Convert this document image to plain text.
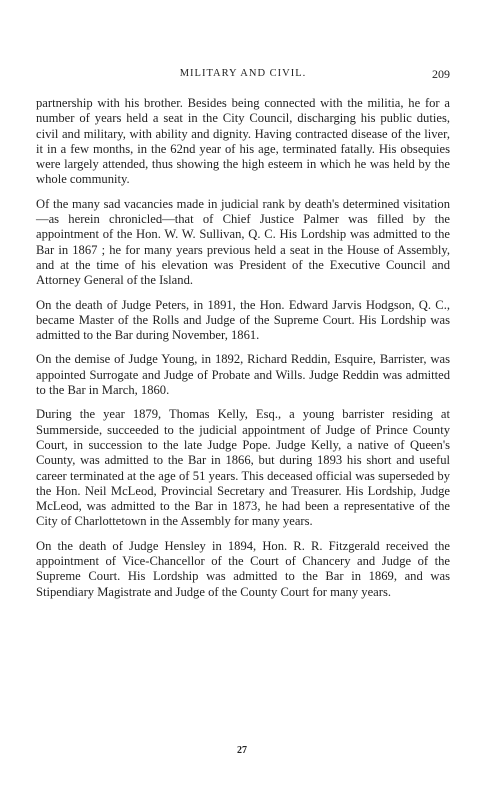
MILITARY AND CIVIL.	209

partnership with his brother. Besides being connected with the militia, he for a number of years held a seat in the City Council, discharging his public duties, civil and military, with ability and dignity. Having contracted disease of the liver, it in a few months, in the 62nd year of his age, terminated fatally. His obsequies were largely attended, thus showing the high esteem in which he was held by the whole community.

Of the many sad vacancies made in judicial rank by death's determined visitation—as herein chronicled—that of Chief Justice Palmer was filled by the appointment of the Hon. W. W. Sullivan, Q. C. His Lordship was admitted to the Bar in 1867 ; he for many years previous held a seat in the House of Assembly, and at the time of his elevation was President of the Executive Council and Attorney General of the Island.

On the death of Judge Peters, in 1891, the Hon. Edward Jarvis Hodgson, Q. C., became Master of the Rolls and Judge of the Supreme Court. His Lordship was admitted to the Bar during November, 1861.

On the demise of Judge Young, in 1892, Richard Reddin, Esquire, Barrister, was appointed Surrogate and Judge of Probate and Wills. Judge Reddin was admitted to the Bar in March, 1860.

During the year 1879, Thomas Kelly, Esq., a young barrister residing at Summerside, succeeded to the judicial appointment of Judge of Prince County Court, in succession to the late Judge Pope. Judge Kelly, a native of Queen's County, was admitted to the Bar in 1866, but during 1893 his short and useful career terminated at the age of 51 years. This deceased official was superseded by the Hon. Neil McLeod, Provincial Secretary and Treasurer. His Lordship, Judge McLeod, was admitted to the Bar in 1873, he had been a representative of the City of Charlottetown in the Assembly for many years.

On the death of Judge Hensley in 1894, Hon. R. R. Fitzgerald received the appointment of Vice-Chancellor of the Court of Chancery and Judge of the Supreme Court. His Lordship was admitted to the Bar in 1869, and was Stipendiary Magistrate and Judge of the County Court for many years.

27
